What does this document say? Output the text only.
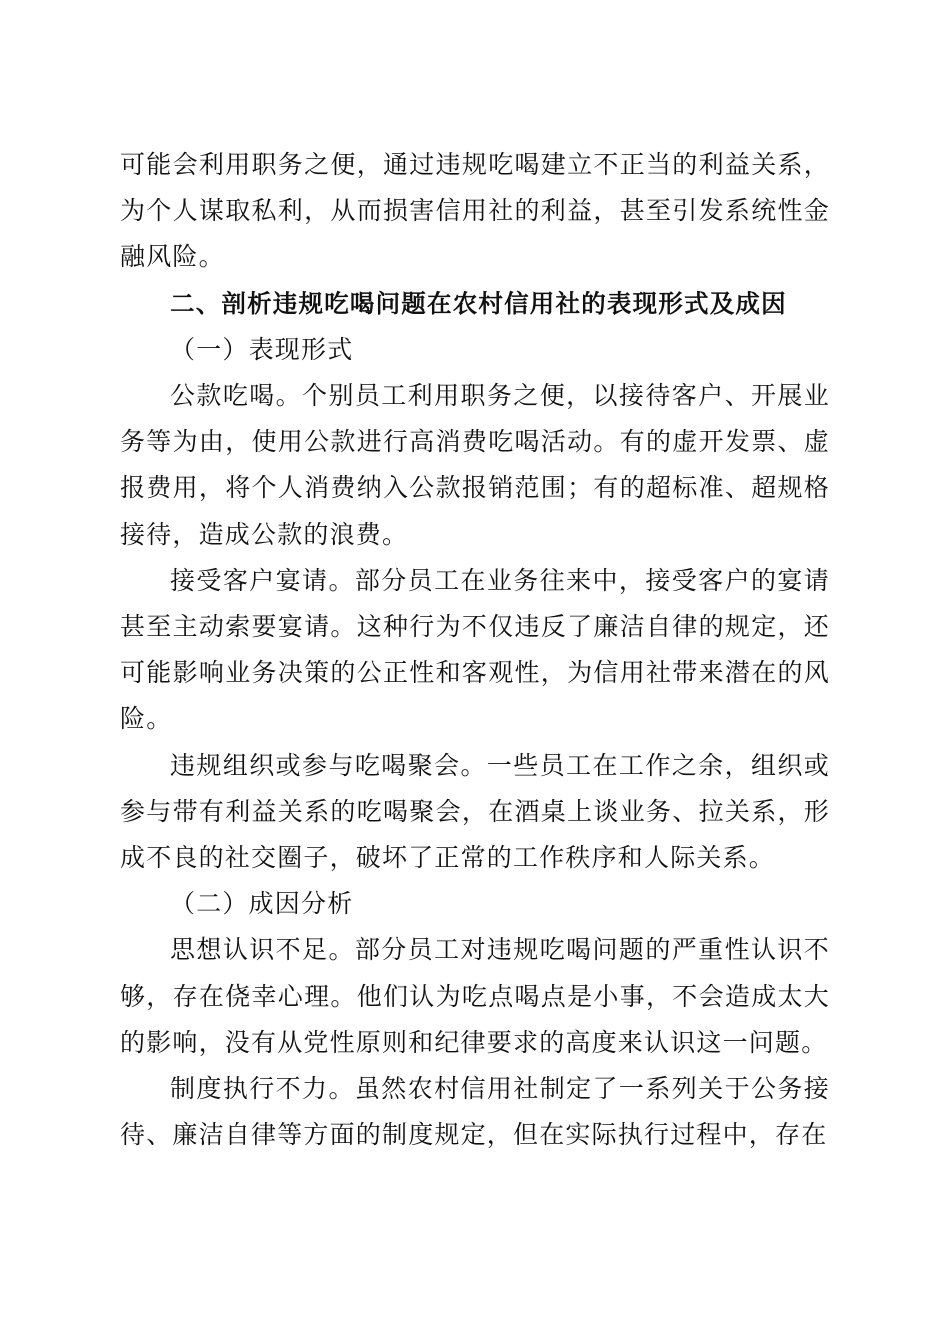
可能会利用职务之便，通过违规吃喝建立不正当的利益关系，为个人谋取私利，从而损害信用社的利益，甚至引发系统性金融风险。

二、剖析违规吃喝问题在农村信用社的表现形式及成因

（一）表现形式

公款吃喝。个别员工利用职务之便，以接待客户、开展业务等为由，使用公款进行高消费吃喝活动。有的虚开发票、虚报费用，将个人消费纳入公款报销范围；有的超标准、超规格接待，造成公款的浪费。

接受客户宴请。部分员工在业务往来中，接受客户的宴请甚至主动索要宴请。这种行为不仅违反了廉洁自律的规定，还可能影响业务决策的公正性和客观性，为信用社带来潜在的风险。

违规组织或参与吃喝聚会。一些员工在工作之余，组织或参与带有利益关系的吃喝聚会，在酒桌上谈业务、拉关系，形成不良的社交圈子，破坏了正常的工作秩序和人际关系。

（二）成因分析

思想认识不足。部分员工对违规吃喝问题的严重性认识不够，存在侥幸心理。他们认为吃点喝点是小事，不会造成太大的影响，没有从党性原则和纪律要求的高度来认识这一问题。

制度执行不力。虽然农村信用社制定了一系列关于公务接待、廉洁自律等方面的制度规定，但在实际执行过程中，存在
